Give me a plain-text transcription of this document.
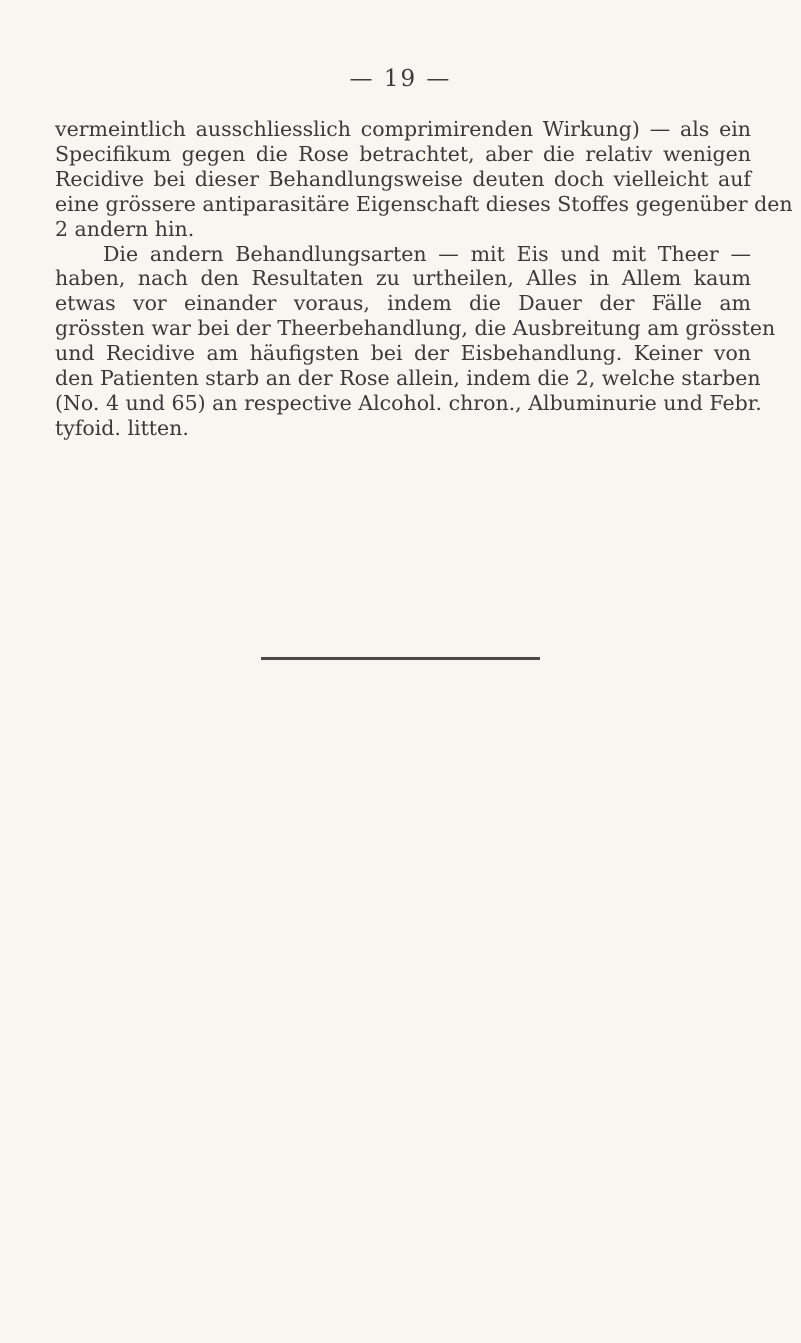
— 19 —
vermeintlich ausschliesslich comprimirenden Wirkung) — als ein
Specifikum gegen die Rose betrachtet, aber die relativ wenigen
Recidive bei dieser Behandlungsweise deuten doch vielleicht auf
eine grössere antiparasitäre Eigenschaft dieses Stoffes gegenüber den
2 andern hin.
Die andern Behandlungsarten — mit Eis und mit Theer —
haben, nach den Resultaten zu urtheilen, Alles in Allem kaum
etwas vor einander voraus, indem die Dauer der Fälle am
grössten war bei der Theerbehandlung, die Ausbreitung am grössten
und Recidive am häufigsten bei der Eisbehandlung. Keiner von
den Patienten starb an der Rose allein, indem die 2, welche starben
(No. 4 und 65) an respective Alcohol. chron., Albuminurie und Febr.
tyfoid. litten.
